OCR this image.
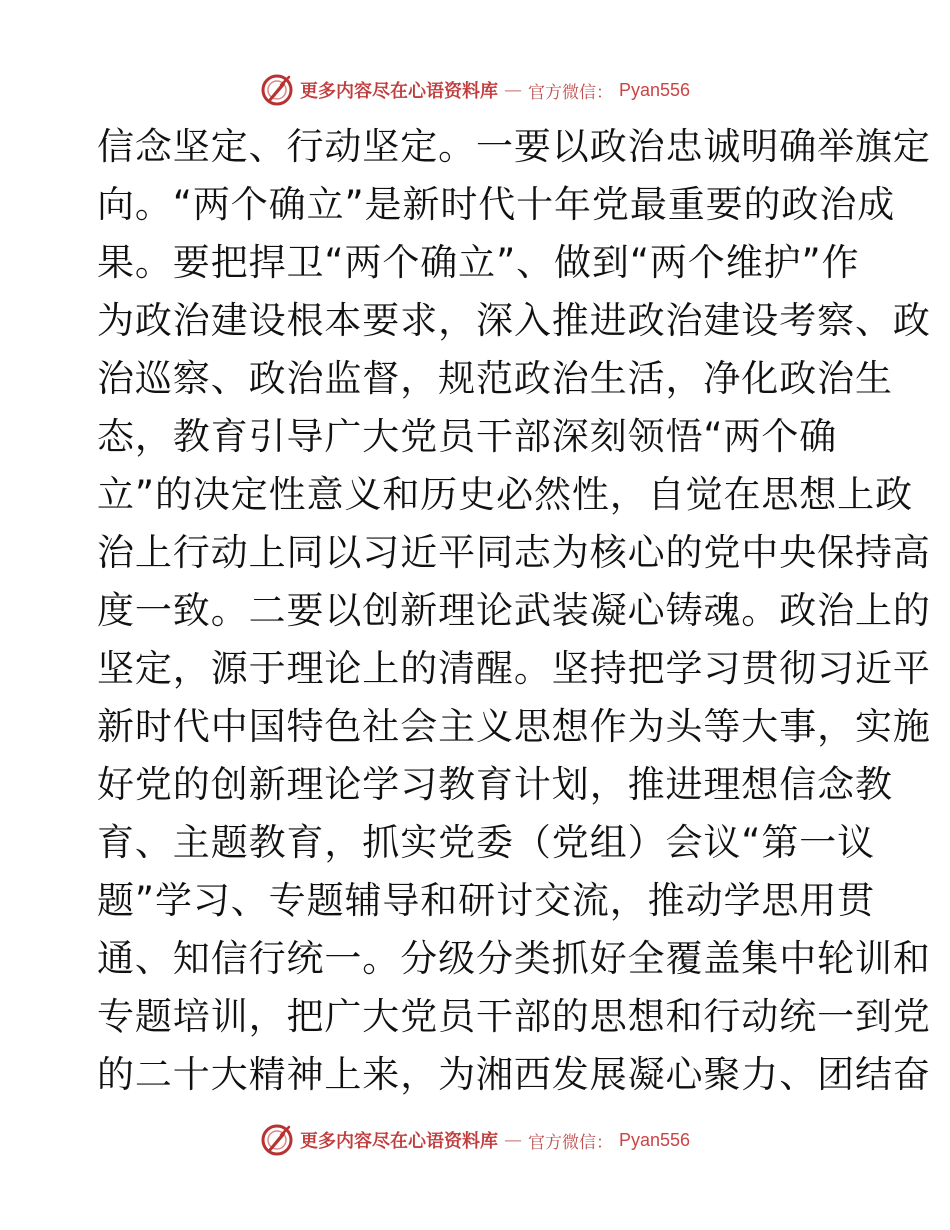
更多内容尽在心语资料库 — 官方微信： Pyan556
信念坚定、行动坚定。一要以政治忠诚明确举旗定
向。“两个确立”是新时代十年党最重要的政治成
果。要把捍卫“两个确立”、做到“两个维护”作
为政治建设根本要求，深入推进政治建设考察、政
治巡察、政治监督，规范政治生活，净化政治生
态，教育引导广大党员干部深刻领悟“两个确
立”的决定性意义和历史必然性，自觉在思想上政
治上行动上同以习近平同志为核心的党中央保持高
度一致。二要以创新理论武装凝心铸魂。政治上的
坚定，源于理论上的清醒。坚持把学习贯彻习近平
新时代中国特色社会主义思想作为头等大事，实施
好党的创新理论学习教育计划，推进理想信念教
育、主题教育，抓实党委（党组）会议“第一议
题”学习、专题辅导和研讨交流，推动学思用贯
通、知信行统一。分级分类抓好全覆盖集中轮训和
专题培训，把广大党员干部的思想和行动统一到党
的二十大精神上来，为湘西发展凝心聚力、团结奋
更多内容尽在心语资料库 — 官方微信： Pyan556
